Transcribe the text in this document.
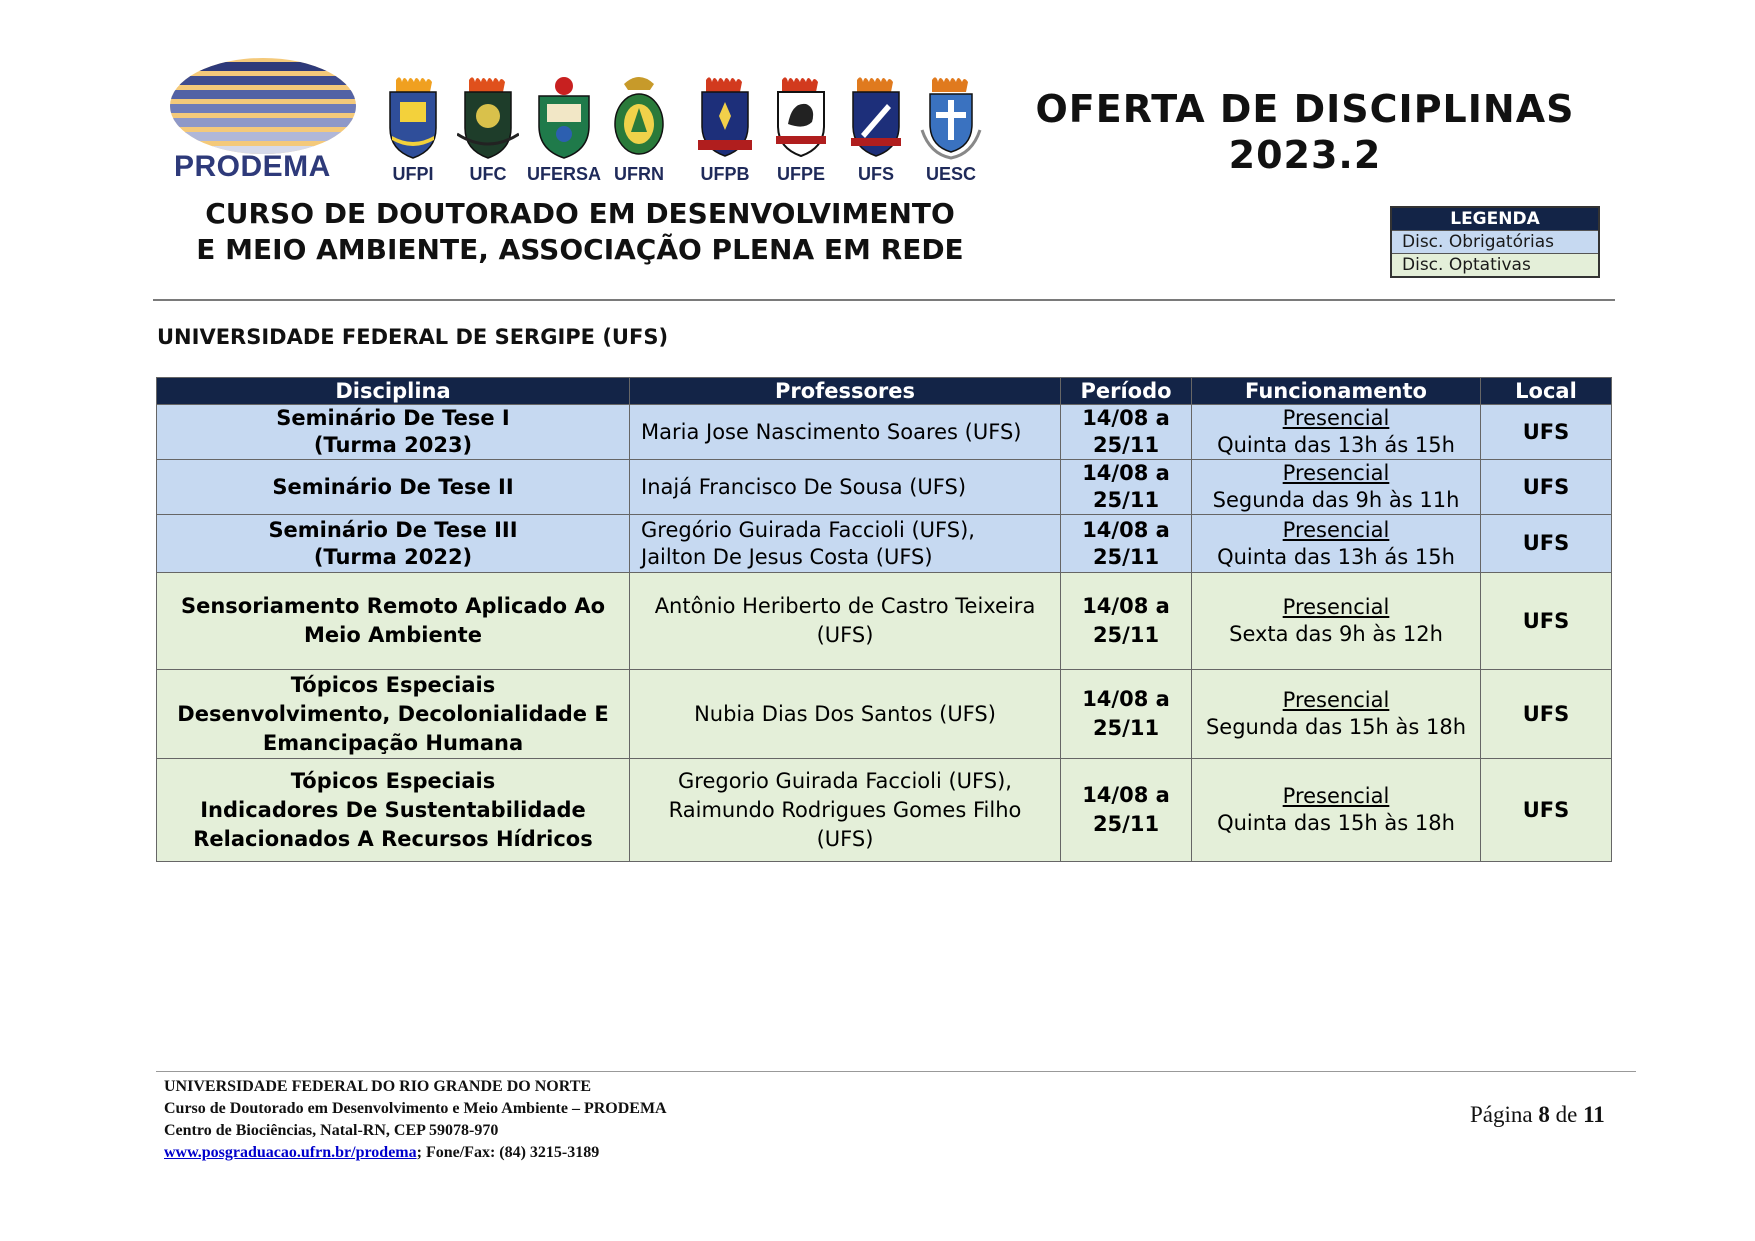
PRODEMA	UFPI	UFC	UFERSA UFRN	UFPB	UFPE	UFS	UESC
CURSO DE DOUTORADO EM DESENVOLVIMENTO
E MEIO AMBIENTE, ASSOCIAÇÃO PLENA EM REDE
OFERTA DE DISCIPLINAS
2023.2
LEGENDA
Disc. Obrigatórias
Disc. Optativas
UNIVERSIDADE FEDERAL DE SERGIPE (UFS)
Disciplina	Professores	Período	Funcionamento	Local

Seminário De Tese I
(Turma 2023)	Maria Jose Nascimento Soares (UFS)	14/08 a
25/11	Presencial
Quinta das 13h ás 15h	UFS

Seminário De Tese II	Inajá Francisco De Sousa (UFS)	14/08 a
25/11	Presencial
Segunda das 9h às 11h	UFS

Seminário De Tese III
(Turma 2022)	Gregório Guirada Faccioli (UFS),
Jailton De Jesus Costa (UFS)	14/08 a
25/11	Presencial
Quinta das 13h ás 15h	UFS

Sensoriamento Remoto Aplicado Ao
Meio Ambiente	Antônio Heriberto de Castro Teixeira
(UFS)	14/08 a
25/11	Presencial
Sexta das 9h às 12h	UFS

Tópicos Especiais
Desenvolvimento, Decolonialidade E
Emancipação Humana	Nubia Dias Dos Santos (UFS)	14/08 a
25/11	Presencial
Segunda das 15h às 18h	UFS

Tópicos Especiais
Indicadores De Sustentabilidade
Relacionados A Recursos Hídricos	Gregorio Guirada Faccioli (UFS),
Raimundo Rodrigues Gomes Filho
(UFS)	14/08 a
25/11	Presencial
Quinta das 15h às 18h	UFS
UNIVERSIDADE FEDERAL DO RIO GRANDE DO NORTE
Curso de Doutorado em Desenvolvimento e Meio Ambiente – PRODEMA
Centro de Biociências, Natal-RN, CEP 59078-970
www.posgraduacao.ufrn.br/prodema; Fone/Fax: (84) 3215-3189
Página 8 de 11
